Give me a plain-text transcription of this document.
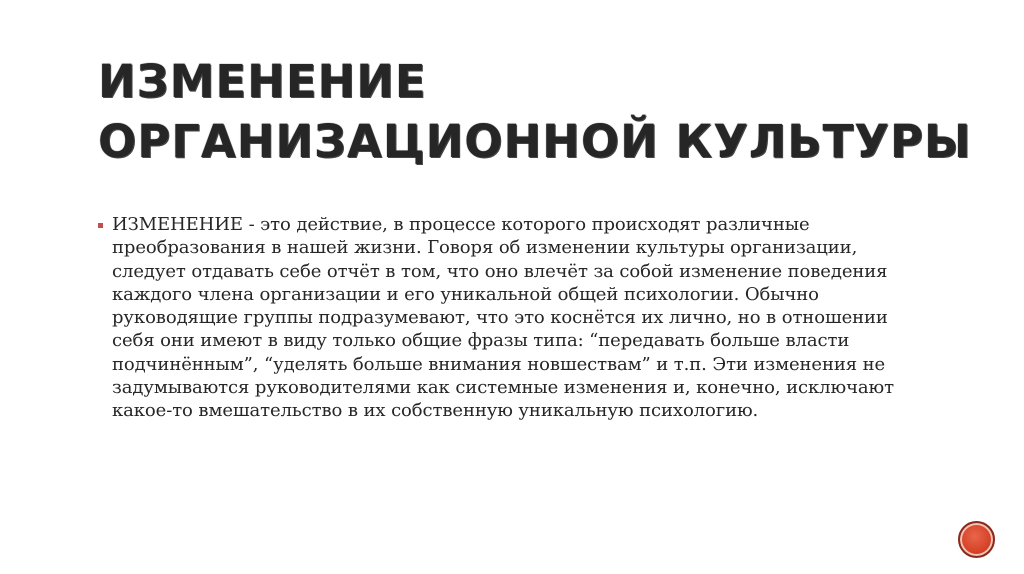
ИЗМЕНЕНИЕ
ОРГАНИЗАЦИОННОЙ КУЛЬТУРЫ
ИЗМЕНЕНИЕ - это действие, в процессе которого происходят различные преобразования в нашей жизни. Говоря об изменении культуры организации, следует отдавать себе отчёт в том, что оно влечёт за собой изменение поведения каждого члена организации и его уникальной общей психологии. Обычно руководящие группы подразумевают, что это коснётся их лично, но в отношении себя они имеют в виду только общие фразы типа: “передавать больше власти подчинённым”, “уделять больше внимания новшествам” и т.п. Эти изменения не задумываются руководителями как системные изменения и, конечно, исключают какое-то вмешательство в их собственную уникальную психологию.
